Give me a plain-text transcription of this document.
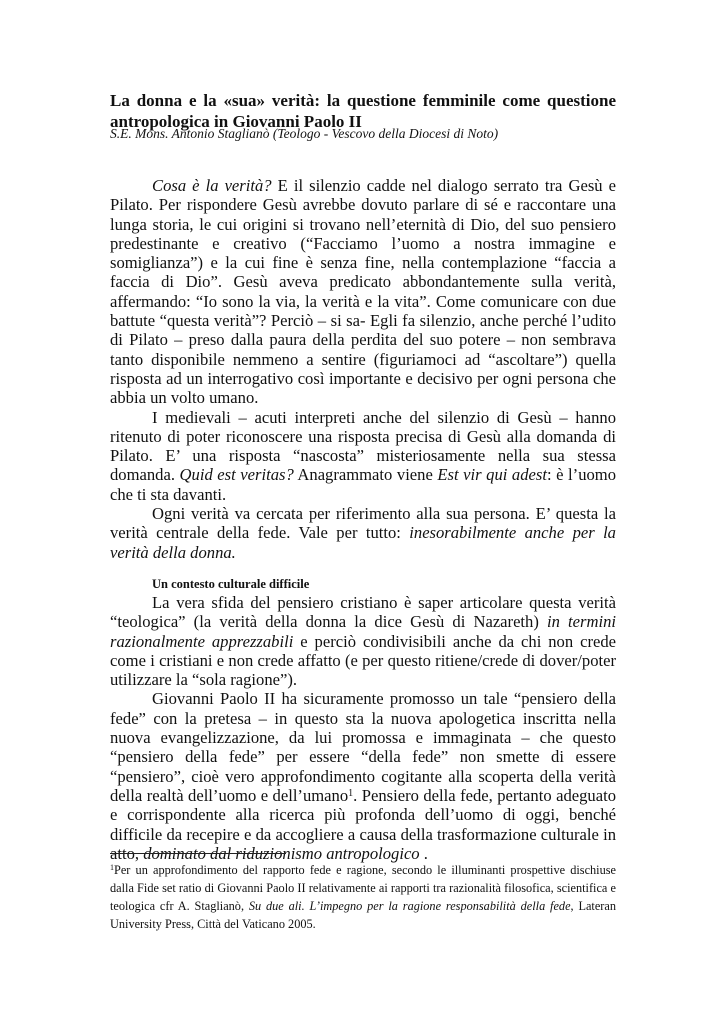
La donna e la «sua» verità: la questione femminile come questione antropologica in Giovanni Paolo II

S.E. Mons. Antonio Staglianò (Teologo - Vescovo della Diocesi di Noto)

Cosa è la verità? E il silenzio cadde nel dialogo serrato tra Gesù e Pilato. Per rispondere Gesù avrebbe dovuto parlare di sé e raccontare una lunga storia, le cui origini si trovano nell’eternità di Dio, del suo pensiero predestinante e creativo (“Facciamo l’uomo a nostra immagine e somiglianza”) e la cui fine è senza fine, nella contemplazione “faccia a faccia di Dio”. Gesù aveva predicato abbondantemente sulla verità, affermando: “Io sono la via, la verità e la vita”. Come comunicare con due battute “questa verità”? Perciò – si sa- Egli fa silenzio, anche perché l’udito di Pilato – preso dalla paura della perdita del suo potere – non sembrava tanto disponibile nemmeno a sentire (figuriamoci ad “ascoltare”) quella risposta ad un interrogativo così importante e decisivo per ogni persona che abbia un volto umano.

I medievali – acuti interpreti anche del silenzio di Gesù – hanno ritenuto di poter riconoscere una risposta precisa di Gesù alla domanda di Pilato. E’ una risposta “nascosta” misteriosamente nella sua stessa domanda. Quid est veritas? Anagrammato viene Est vir qui adest: è l’uomo che ti sta davanti.

Ogni verità va cercata per riferimento alla sua persona. E’ questa la verità centrale della fede. Vale per tutto: inesorabilmente anche per la verità della donna.

Un contesto culturale difficile

La vera sfida del pensiero cristiano è saper articolare questa verità “teologica” (la verità della donna la dice Gesù di Nazareth) in termini razionalmente apprezzabili e perciò condivisibili anche da chi non crede come i cristiani e non crede affatto (e per questo ritiene/crede di dover/poter utilizzare la “sola ragione”).

Giovanni Paolo II ha sicuramente promosso un tale “pensiero della fede” con la pretesa – in questo sta la nuova apologetica inscritta nella nuova evangelizzazione, da lui promossa e immaginata – che questo “pensiero della fede” per essere “della fede” non smette di essere “pensiero”, cioè vero approfondimento cogitante alla scoperta della verità della realtà dell’uomo e dell’umano$^1$. Pensiero della fede, pertanto adeguato e corrispondente alla ricerca più profonda dell’uomo di oggi, benché difficile da recepire e da accogliere a causa della trasformazione culturale in atto, dominato dal riduzionismo antropologico .

$^1$Per un approfondimento del rapporto fede e ragione, secondo le illuminanti prospettive dischiuse dalla Fide set ratio di Giovanni Paolo II relativamente ai rapporti tra razionalità filosofica, scientifica e teologica cfr A. Staglianò, Su due ali. L’impegno per la ragione responsabilità della fede, Lateran University Press, Città del Vaticano 2005.
